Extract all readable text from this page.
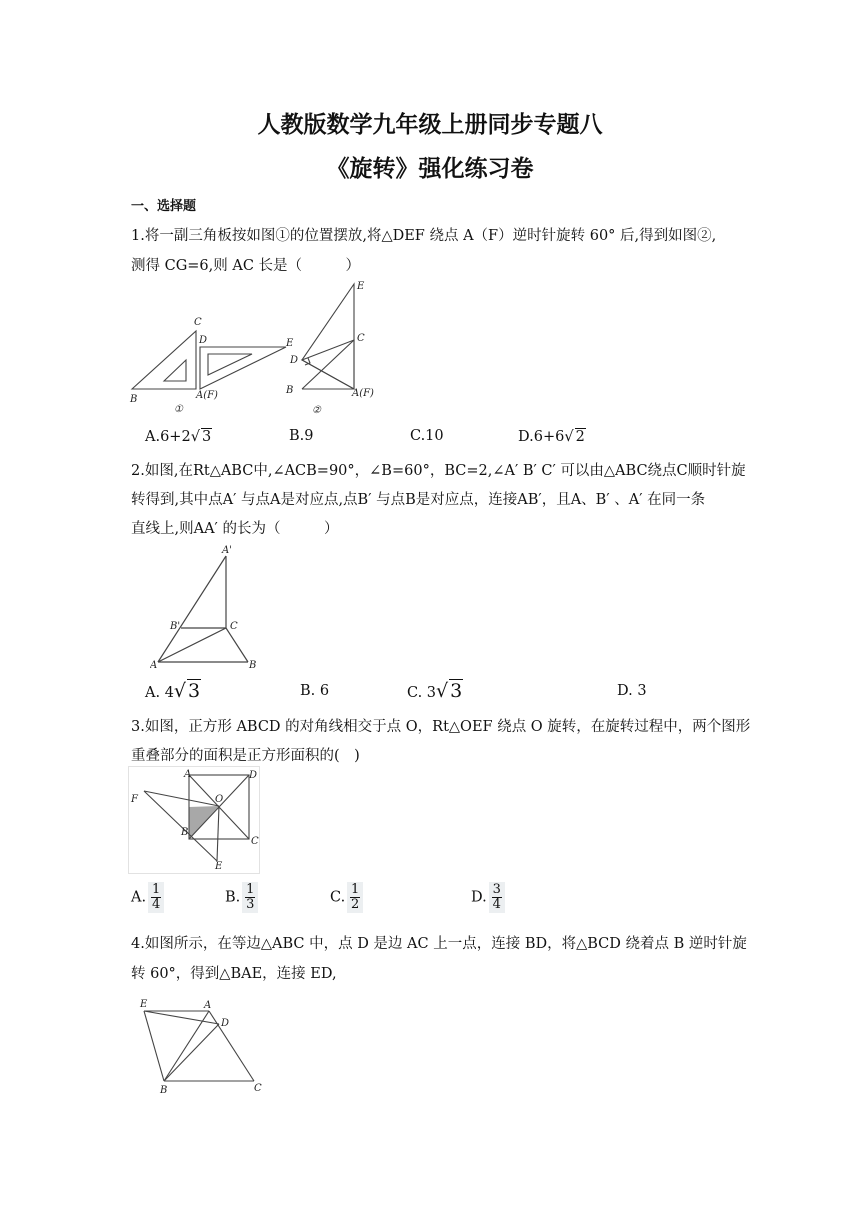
人教版数学九年级上册同步专题八
《旋转》强化练习卷
一、选择题
1.将一副三角板按如图①的位置摆放,将△DEF 绕点 A（F）逆时针旋转 60° 后,得到如图②,
测得 CG=6,则 AC 长是（　　　）
C
D	E
B	A(F)
①
E
C
D
B	A(F)
②
A.6+2√ 3	B.9	C.10	D.6+6√ 2
2.如图,在Rt△ABC中,∠ACB=90°，∠B=60°，BC=2,∠A′ B′ C′ 可以由△ABC绕点C顺时针旋
转得到,其中点A′ 与点A是对应点,点B′ 与点B是对应点，连接AB′，且A、B′ 、A′ 在同一条
直线上,则AA′ 的长为（　　　）
A'
B'	C
A	B
A. 4√ 3	B. 6	C. 3√ 3	D. 3
3.如图，正方形 ABCD 的对角线相交于点 O，Rt△OEF 绕点 O 旋转，在旋转过程中，两个图形
重叠部分的面积是正方形面积的(　)
A	D
O
F
B
C
E
A. $\frac{1}{4}$	B. $\frac{1}{3}$	C. $\frac{1}{2}$	D. $\frac{3}{4}$
4.如图所示，在等边△ABC 中，点 D 是边 AC 上一点，连接 BD，将△BCD 绕着点 B 逆时针旋
转 60°，得到△BAE，连接 ED,
E	A
D
B	C
